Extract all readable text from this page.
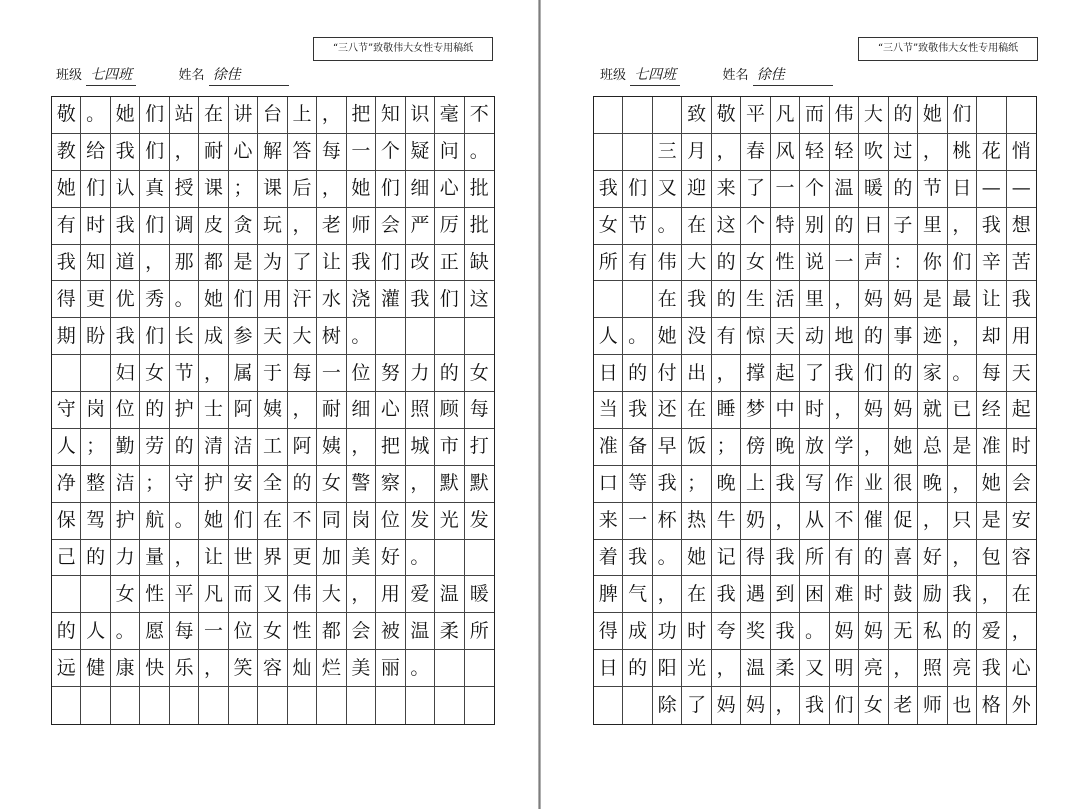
“三八节”致敬伟大女性专用稿纸
班级 七四班	姓名 徐佳
敬 。 她 们 站 在 讲 台 上 ， 把 知 识 毫 不
教 给 我 们 ， 耐 心 解 答 每 一 个 疑 问 。
她 们 认 真 授 课 ； 课 后 ， 她 们 细 心 批
有 时 我 们 调 皮 贪 玩 ， 老 师 会 严 厉 批
我 知 道 ， 那 都 是 为 了 让 我 们 改 正 缺
得 更 优 秀 。 她 们 用 汗 水 浇 灌 我 们 这
期 盼 我 们 长 成 参 天 大 树 。
妇 女 节 ， 属 于 每 一 位 努 力 的 女
守 岗 位 的 护 士 阿 姨 ， 耐 细 心 照 顾 每
人 ； 勤 劳 的 清 洁 工 阿 姨 ， 把 城 市 打
净 整 洁 ； 守 护 安 全 的 女 警 察 ， 默 默
保 驾 护 航 。 她 们 在 不 同 岗 位 发 光 发
己 的 力 量 ， 让 世 界 更 加 美 好 。
女 性 平 凡 而 又 伟 大 ， 用 爱 温 暖
的 人 。 愿 每 一 位 女 性 都 会 被 温 柔 所
远 健 康 快 乐 ， 笑 容 灿 烂 美 丽 。
“三八节”致敬伟大女性专用稿纸
班级 七四班	姓名 徐佳
致 敬 平 凡 而 伟 大 的 她 们
三 月 ， 春 风 轻 轻 吹 过 ， 桃 花 悄
我 们 又 迎 来 了 一 个 温 暖 的 节 日 — —
女 节 。 在 这 个 特 别 的 日 子 里 ， 我 想
所 有 伟 大 的 女 性 说 一 声 ： 你 们 辛 苦
在 我 的 生 活 里 ， 妈 妈 是 最 让 我
人 。 她 没 有 惊 天 动 地 的 事 迹 ， 却 用
日 的 付 出 ， 撑 起 了 我 们 的 家 。 每 天
当 我 还 在 睡 梦 中 时 ， 妈 妈 就 已 经 起
准 备 早 饭 ； 傍 晚 放 学 ， 她 总 是 准 时
口 等 我 ； 晚 上 我 写 作 业 很 晚 ， 她 会
来 一 杯 热 牛 奶 ， 从 不 催 促 ， 只 是 安
着 我 。 她 记 得 我 所 有 的 喜 好 ， 包 容
脾 气 ， 在 我 遇 到 困 难 时 鼓 励 我 ， 在
得 成 功 时 夸 奖 我 。 妈 妈 无 私 的 爱 ，
日 的 阳 光 ， 温 柔 又 明 亮 ， 照 亮 我 心
除 了 妈 妈 ， 我 们 女 老 师 也 格 外
